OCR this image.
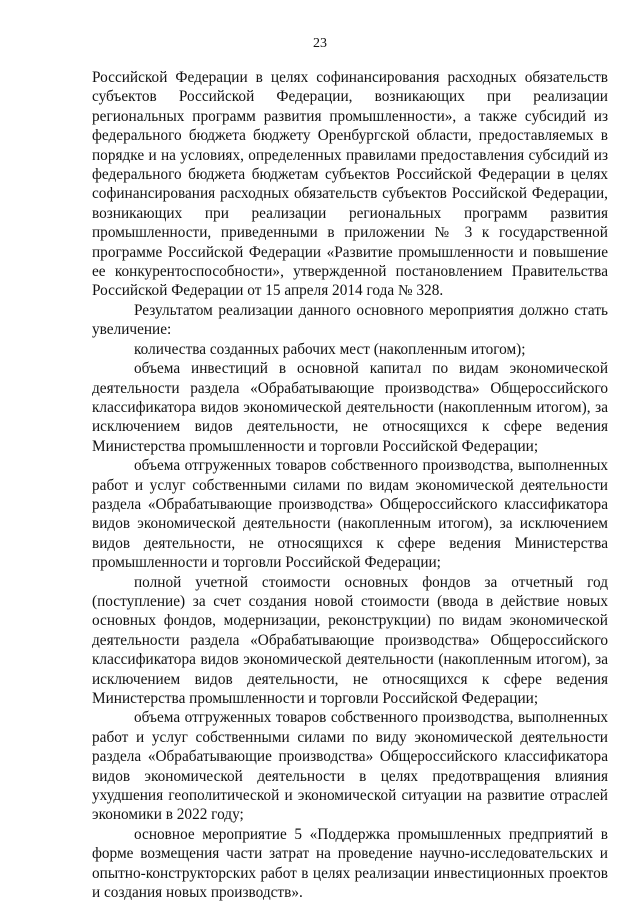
23

Российской Федерации в целях софинансирования расходных обязательств субъектов Российской Федерации, возникающих при реализации региональных программ развития промышленности», а также субсидий из федерального бюджета бюджету Оренбургской области, предоставляемых в порядке и на условиях, определенных правилами предоставления субсидий из федерального бюджета бюджетам субъектов Российской Федерации в целях софинансирования расходных обязательств субъектов Российской Федерации, возникающих при реализации региональных программ развития промышленности, приведенными в приложении № 3 к государственной программе Российской Федерации «Развитие промышленности и повышение ее конкурентоспособности», утвержденной постановлением Правительства Российской Федерации от 15 апреля 2014 года № 328.

Результатом реализации данного основного мероприятия должно стать увеличение:

количества созданных рабочих мест (накопленным итогом);

объема инвестиций в основной капитал по видам экономической деятельности раздела «Обрабатывающие производства» Общероссийского классификатора видов экономической деятельности (накопленным итогом), за исключением видов деятельности, не относящихся к сфере ведения Министерства промышленности и торговли Российской Федерации;

объема отгруженных товаров собственного производства, выполненных работ и услуг собственными силами по видам экономической деятельности раздела «Обрабатывающие производства» Общероссийского классификатора видов экономической деятельности (накопленным итогом), за исключением видов деятельности, не относящихся к сфере ведения Министерства промышленности и торговли Российской Федерации;

полной учетной стоимости основных фондов за отчетный год (поступление) за счет создания новой стоимости (ввода в действие новых основных фондов, модернизации, реконструкции) по видам экономической деятельности раздела «Обрабатывающие производства» Общероссийского классификатора видов экономической деятельности (накопленным итогом), за исключением видов деятельности, не относящихся к сфере ведения Министерства промышленности и торговли Российской Федерации;

объема отгруженных товаров собственного производства, выполненных работ и услуг собственными силами по виду экономической деятельности раздела «Обрабатывающие производства» Общероссийского классификатора видов экономической деятельности в целях предотвращения влияния ухудшения геополитической и экономической ситуации на развитие отраслей экономики в 2022 году;

основное мероприятие 5 «Поддержка промышленных предприятий в форме возмещения части затрат на проведение научно-исследовательских и опытно-конструкторских работ в целях реализации инвестиционных проектов и создания новых производств».
